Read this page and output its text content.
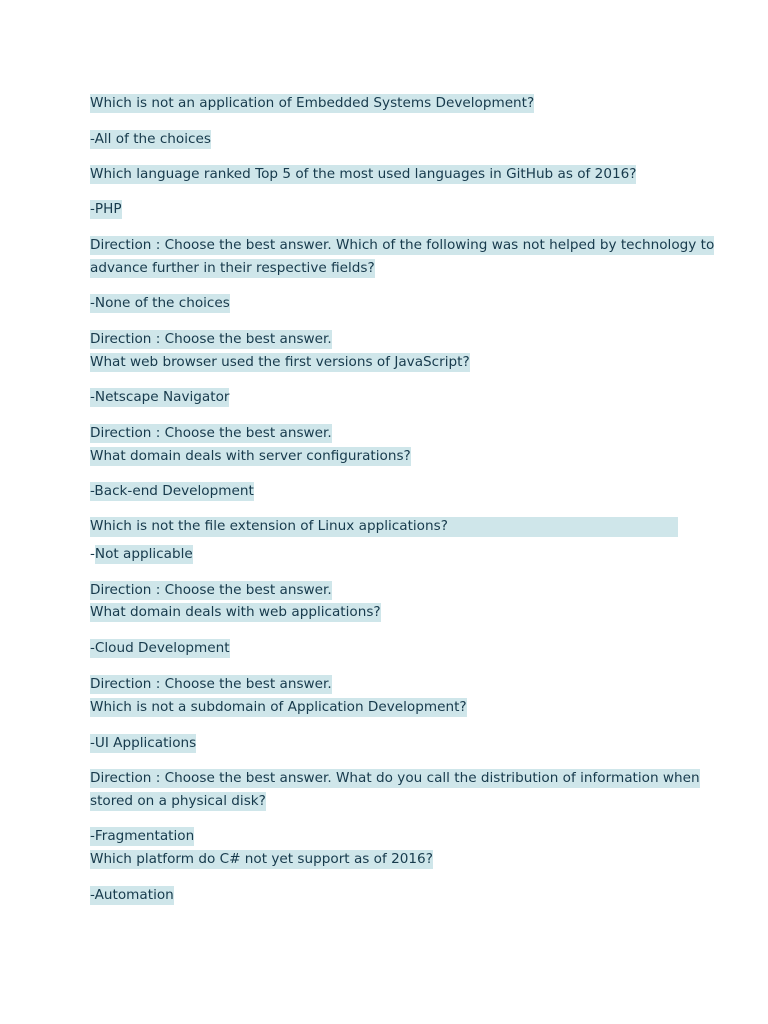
Which is not an application of Embedded Systems Development?
-All of the choices
Which language ranked Top 5 of the most used languages in GitHub as of 2016?
-PHP
Direction : Choose the best answer. Which of the following was not helped by technology to
advance further in their respective fields?
-None of the choices
Direction : Choose the best answer.
What web browser used the first versions of JavaScript?
-Netscape Navigator
Direction : Choose the best answer.
What domain deals with server configurations?
-Back-end Development
Which is not the file extension of Linux applications?
-Not applicable
Direction : Choose the best answer.
What domain deals with web applications?
-Cloud Development
Direction : Choose the best answer.
Which is not a subdomain of Application Development?
-UI Applications
Direction : Choose the best answer. What do you call the distribution of information when
stored on a physical disk?
-Fragmentation
Which platform do C# not yet support as of 2016?
-Automation
